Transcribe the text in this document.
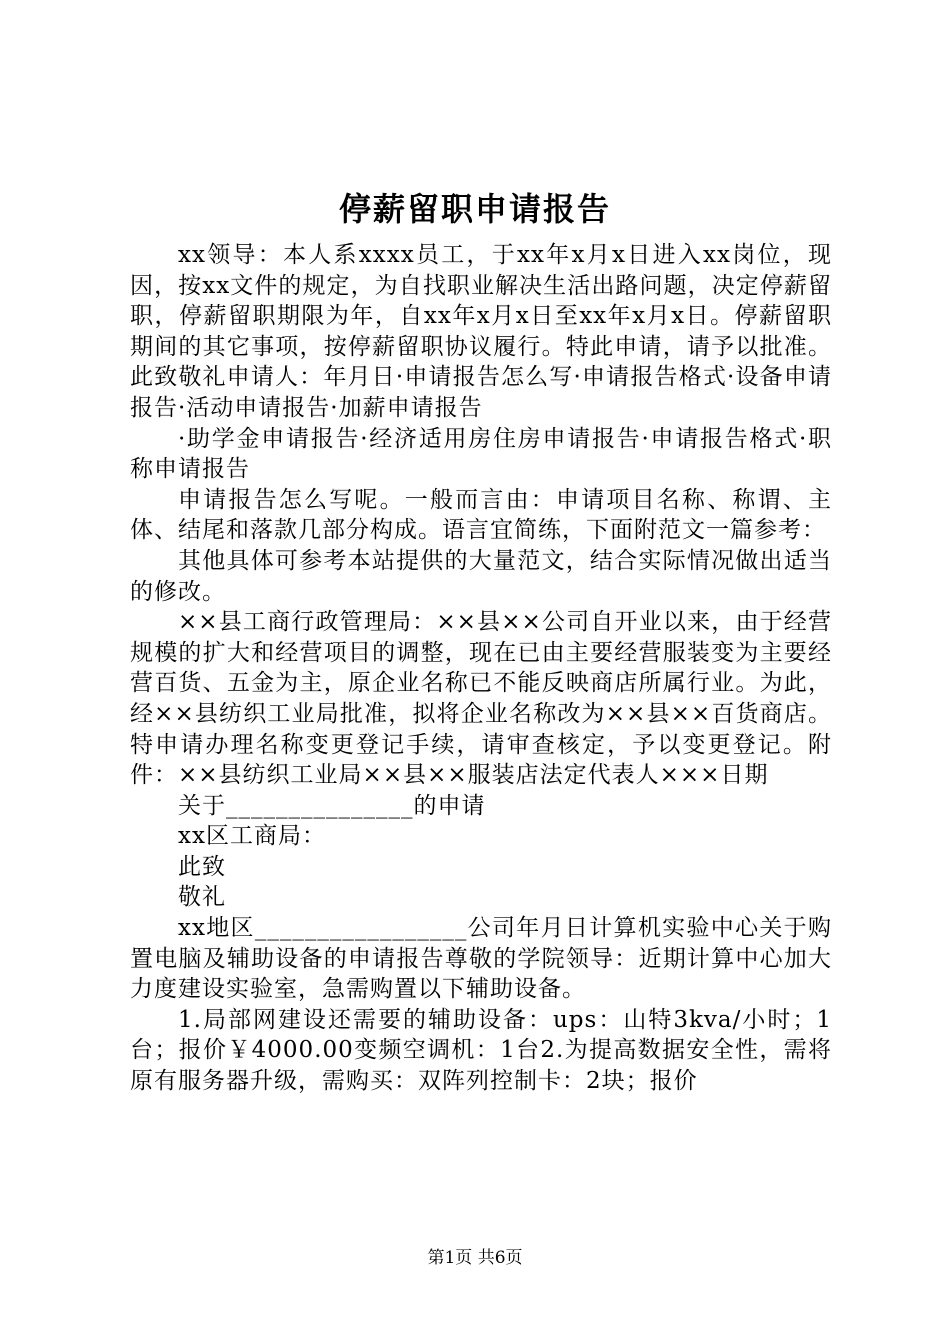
停薪留职申请报告

xx领导：本人系xxxx员工，于xx年x月x日进入xx岗位，现因，按xx文件的规定，为自找职业解决生活出路问题，决定停薪留职，停薪留职期限为年，自xx年x月x日至xx年x月x日。停薪留职期间的其它事项，按停薪留职协议履行。特此申请，请予以批准。此致敬礼申请人：年月日·申请报告怎么写·申请报告格式·设备申请报告·活动申请报告·加薪申请报告

·助学金申请报告·经济适用房住房申请报告·申请报告格式·职称申请报告

申请报告怎么写呢。一般而言由：申请项目名称、称谓、主体、结尾和落款几部分构成。语言宜简练，下面附范文一篇参考：

其他具体可参考本站提供的大量范文，结合实际情况做出适当的修改。

××县工商行政管理局：××县××公司自开业以来，由于经营规模的扩大和经营项目的调整，现在已由主要经营服装变为主要经营百货、五金为主，原企业名称已不能反映商店所属行业。为此，经××县纺织工业局批准，拟将企业名称改为××县××百货商店。特申请办理名称变更登记手续，请审查核定，予以变更登记。附件：××县纺织工业局××县××服装店法定代表人×××日期

关于_______________的申请

xx区工商局：

此致

敬礼

xx地区_________________公司年月日计算机实验中心关于购置电脑及辅助设备的申请报告尊敬的学院领导：近期计算中心加大力度建设实验室，急需购置以下辅助设备。

1.局部网建设还需要的辅助设备：ups：山特3kva/小时；1台；报价￥4000.00变频空调机：1台2.为提高数据安全性，需将原有服务器升级，需购买：双阵列控制卡：2块；报价

第1页 共6页
